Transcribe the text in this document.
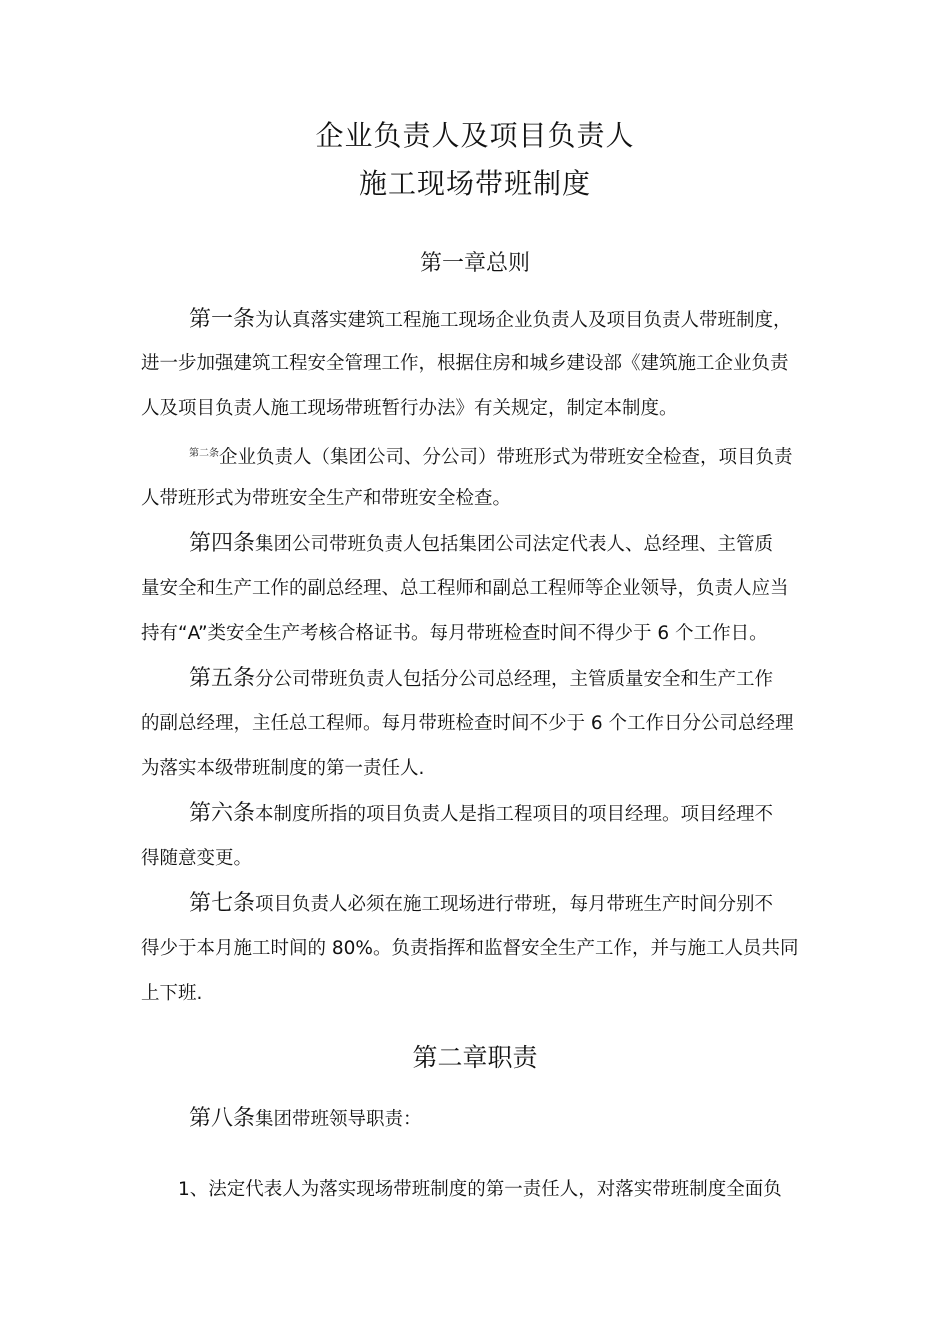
企业负责人及项目负责人
施工现场带班制度
第一章总则
第一条为认真落实建筑工程施工现场企业负责人及项目负责人带班制度，
进一步加强建筑工程安全管理工作，根据住房和城乡建设部《建筑施工企业负责
人及项目负责人施工现场带班暂行办法》有关规定，制定本制度。
$^{第二条}$企业负责人（集团公司、分公司）带班形式为带班安全检查，项目负责
人带班形式为带班安全生产和带班安全检查。
第四条集团公司带班负责人包括集团公司法定代表人、总经理、主管质
量安全和生产工作的副总经理、总工程师和副总工程师等企业领导，负责人应当
持有“A”类安全生产考核合格证书。每月带班检查时间不得少于 6 个工作日。
第五条分公司带班负责人包括分公司总经理，主管质量安全和生产工作
的副总经理，主任总工程师。每月带班检查时间不少于 6 个工作日分公司总经理
为落实本级带班制度的第一责任人.
第六条本制度所指的项目负责人是指工程项目的项目经理。项目经理不
得随意变更。
第七条项目负责人必须在施工现场进行带班，每月带班生产时间分别不
得少于本月施工时间的 80%。负责指挥和监督安全生产工作，并与施工人员共同
上下班.
第二章职责
第八条集团带班领导职责：
1、法定代表人为落实现场带班制度的第一责任人，对落实带班制度全面负
